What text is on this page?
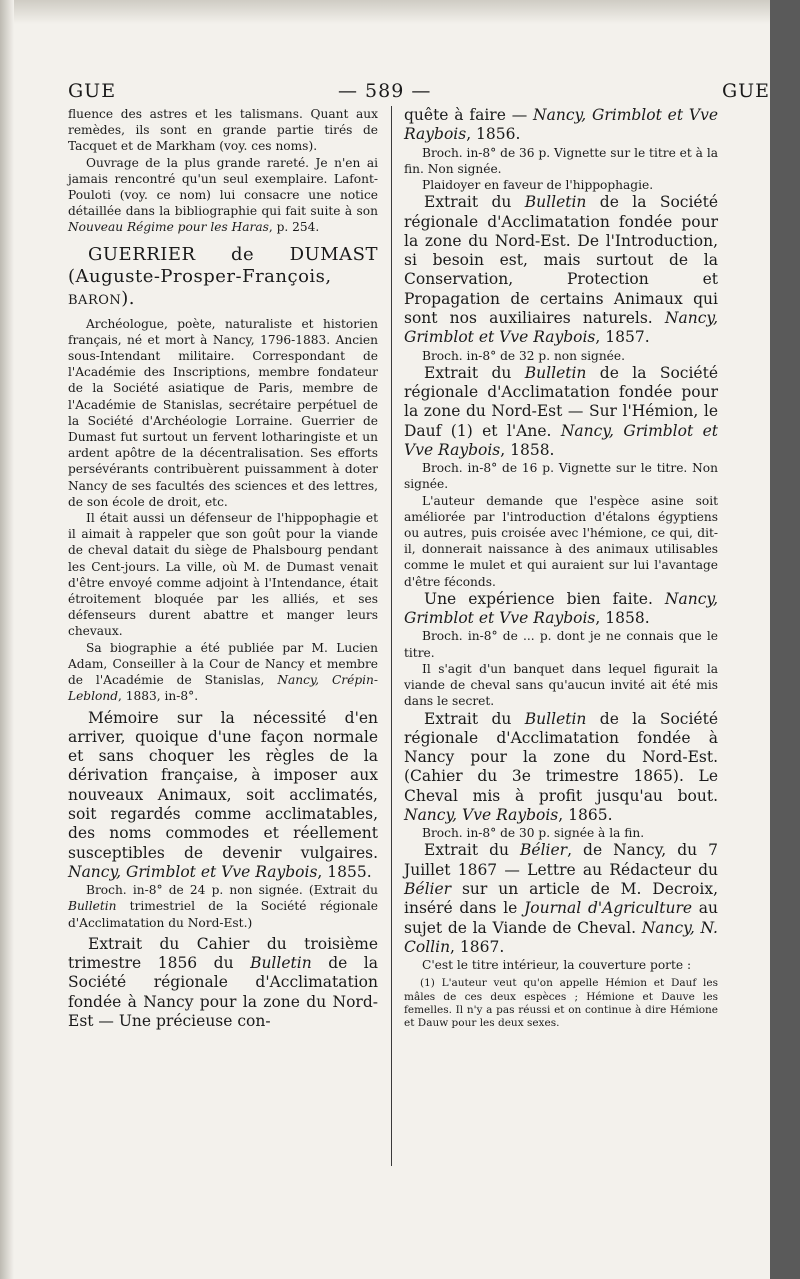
GUE	— 589 —	GUE

fluence des astres et les talismans. Quant aux remèdes, ils sont en grande partie tirés de Tacquet et de Markham (voy. ces noms).

Ouvrage de la plus grande rareté. Je n'en ai jamais rencontré qu'un seul exemplaire. Lafont-Pouloti (voy. ce nom) lui consacre une notice détaillée dans la bibliographie qui fait suite à son Nouveau Régime pour les Haras, p. 254.

GUERRIER de DUMAST (Auguste-Prosper-François, BARON).

Archéologue, poète, naturaliste et historien français, né et mort à Nancy, 1796-1883. Ancien sous-Intendant militaire. Correspondant de l'Académie des Inscriptions, membre fondateur de la Société asiatique de Paris, membre de l'Académie de Stanislas, secrétaire perpétuel de la Société d'Archéologie Lorraine. Guerrier de Dumast fut surtout un fervent lotharingiste et un ardent apôtre de la décentralisation. Ses efforts persévérants contribuèrent puissamment à doter Nancy de ses facultés des sciences et des lettres, de son école de droit, etc.

Il était aussi un défenseur de l'hippophagie et il aimait à rappeler que son goût pour la viande de cheval datait du siège de Phalsbourg pendant les Cent-jours. La ville, où M. de Dumast venait d'être envoyé comme adjoint à l'Intendance, était étroitement bloquée par les alliés, et ses défenseurs durent abattre et manger leurs chevaux.

Sa biographie a été publiée par M. Lucien Adam, Conseiller à la Cour de Nancy et membre de l'Académie de Stanislas, Nancy, Crépin-Leblond, 1883, in-8°.

Mémoire sur la nécessité d'en arriver, quoique d'une façon normale et sans choquer les règles de la dérivation française, à imposer aux nouveaux Animaux, soit acclimatés, soit regardés comme acclimatables, des noms commodes et réellement susceptibles de devenir vulgaires. Nancy, Grimblot et Vve Raybois, 1855.

Broch. in-8° de 24 p. non signée. (Extrait du Bulletin trimestriel de la Société régionale d'Acclimatation du Nord-Est.)

Extrait du Cahier du troisième trimestre 1856 du Bulletin de la Société régionale d'Acclimatation fondée à Nancy pour la zone du Nord-Est — Une précieuse con-

quête à faire — Nancy, Grimblot et Vve Raybois, 1856.

Broch. in-8° de 36 p. Vignette sur le titre et à la fin. Non signée.

Plaidoyer en faveur de l'hippophagie.

Extrait du Bulletin de la Société régionale d'Acclimatation fondée pour la zone du Nord-Est. De l'Introduction, si besoin est, mais surtout de la Conservation, Protection et Propagation de certains Animaux qui sont nos auxiliaires naturels. Nancy, Grimblot et Vve Raybois, 1857.

Broch. in-8° de 32 p. non signée.

Extrait du Bulletin de la Société régionale d'Acclimatation fondée pour la zone du Nord-Est — Sur l'Hémion, le Dauf (1) et l'Ane. Nancy, Grimblot et Vve Raybois, 1858.

Broch. in-8° de 16 p. Vignette sur le titre. Non signée.

L'auteur demande que l'espèce asine soit améliorée par l'introduction d'étalons égyptiens ou autres, puis croisée avec l'hémione, ce qui, dit-il, donnerait naissance à des animaux utilisables comme le mulet et qui auraient sur lui l'avantage d'être féconds.

Une expérience bien faite. Nancy, Grimblot et Vve Raybois, 1858.

Broch. in-8° de ... p. dont je ne connais que le titre.

Il s'agit d'un banquet dans lequel figurait la viande de cheval sans qu'aucun invité ait été mis dans le secret.

Extrait du Bulletin de la Société régionale d'Acclimatation fondée à Nancy pour la zone du Nord-Est. (Cahier du 3e trimestre 1865). Le Cheval mis à profit jusqu'au bout. Nancy, Vve Raybois, 1865.

Broch. in-8° de 30 p. signée à la fin.

Extrait du Bélier, de Nancy, du 7 Juillet 1867 — Lettre au Rédacteur du Bélier sur un article de M. Decroix, inséré dans le Journal d'Agriculture au sujet de la Viande de Cheval. Nancy, N. Collin, 1867.

C'est le titre intérieur, la couverture porte :

(1) L'auteur veut qu'on appelle Hémion et Dauf les mâles de ces deux espèces ; Hémione et Dauve les femelles. Il n'y a pas réussi et on continue à dire Hémione et Dauw pour les deux sexes.
